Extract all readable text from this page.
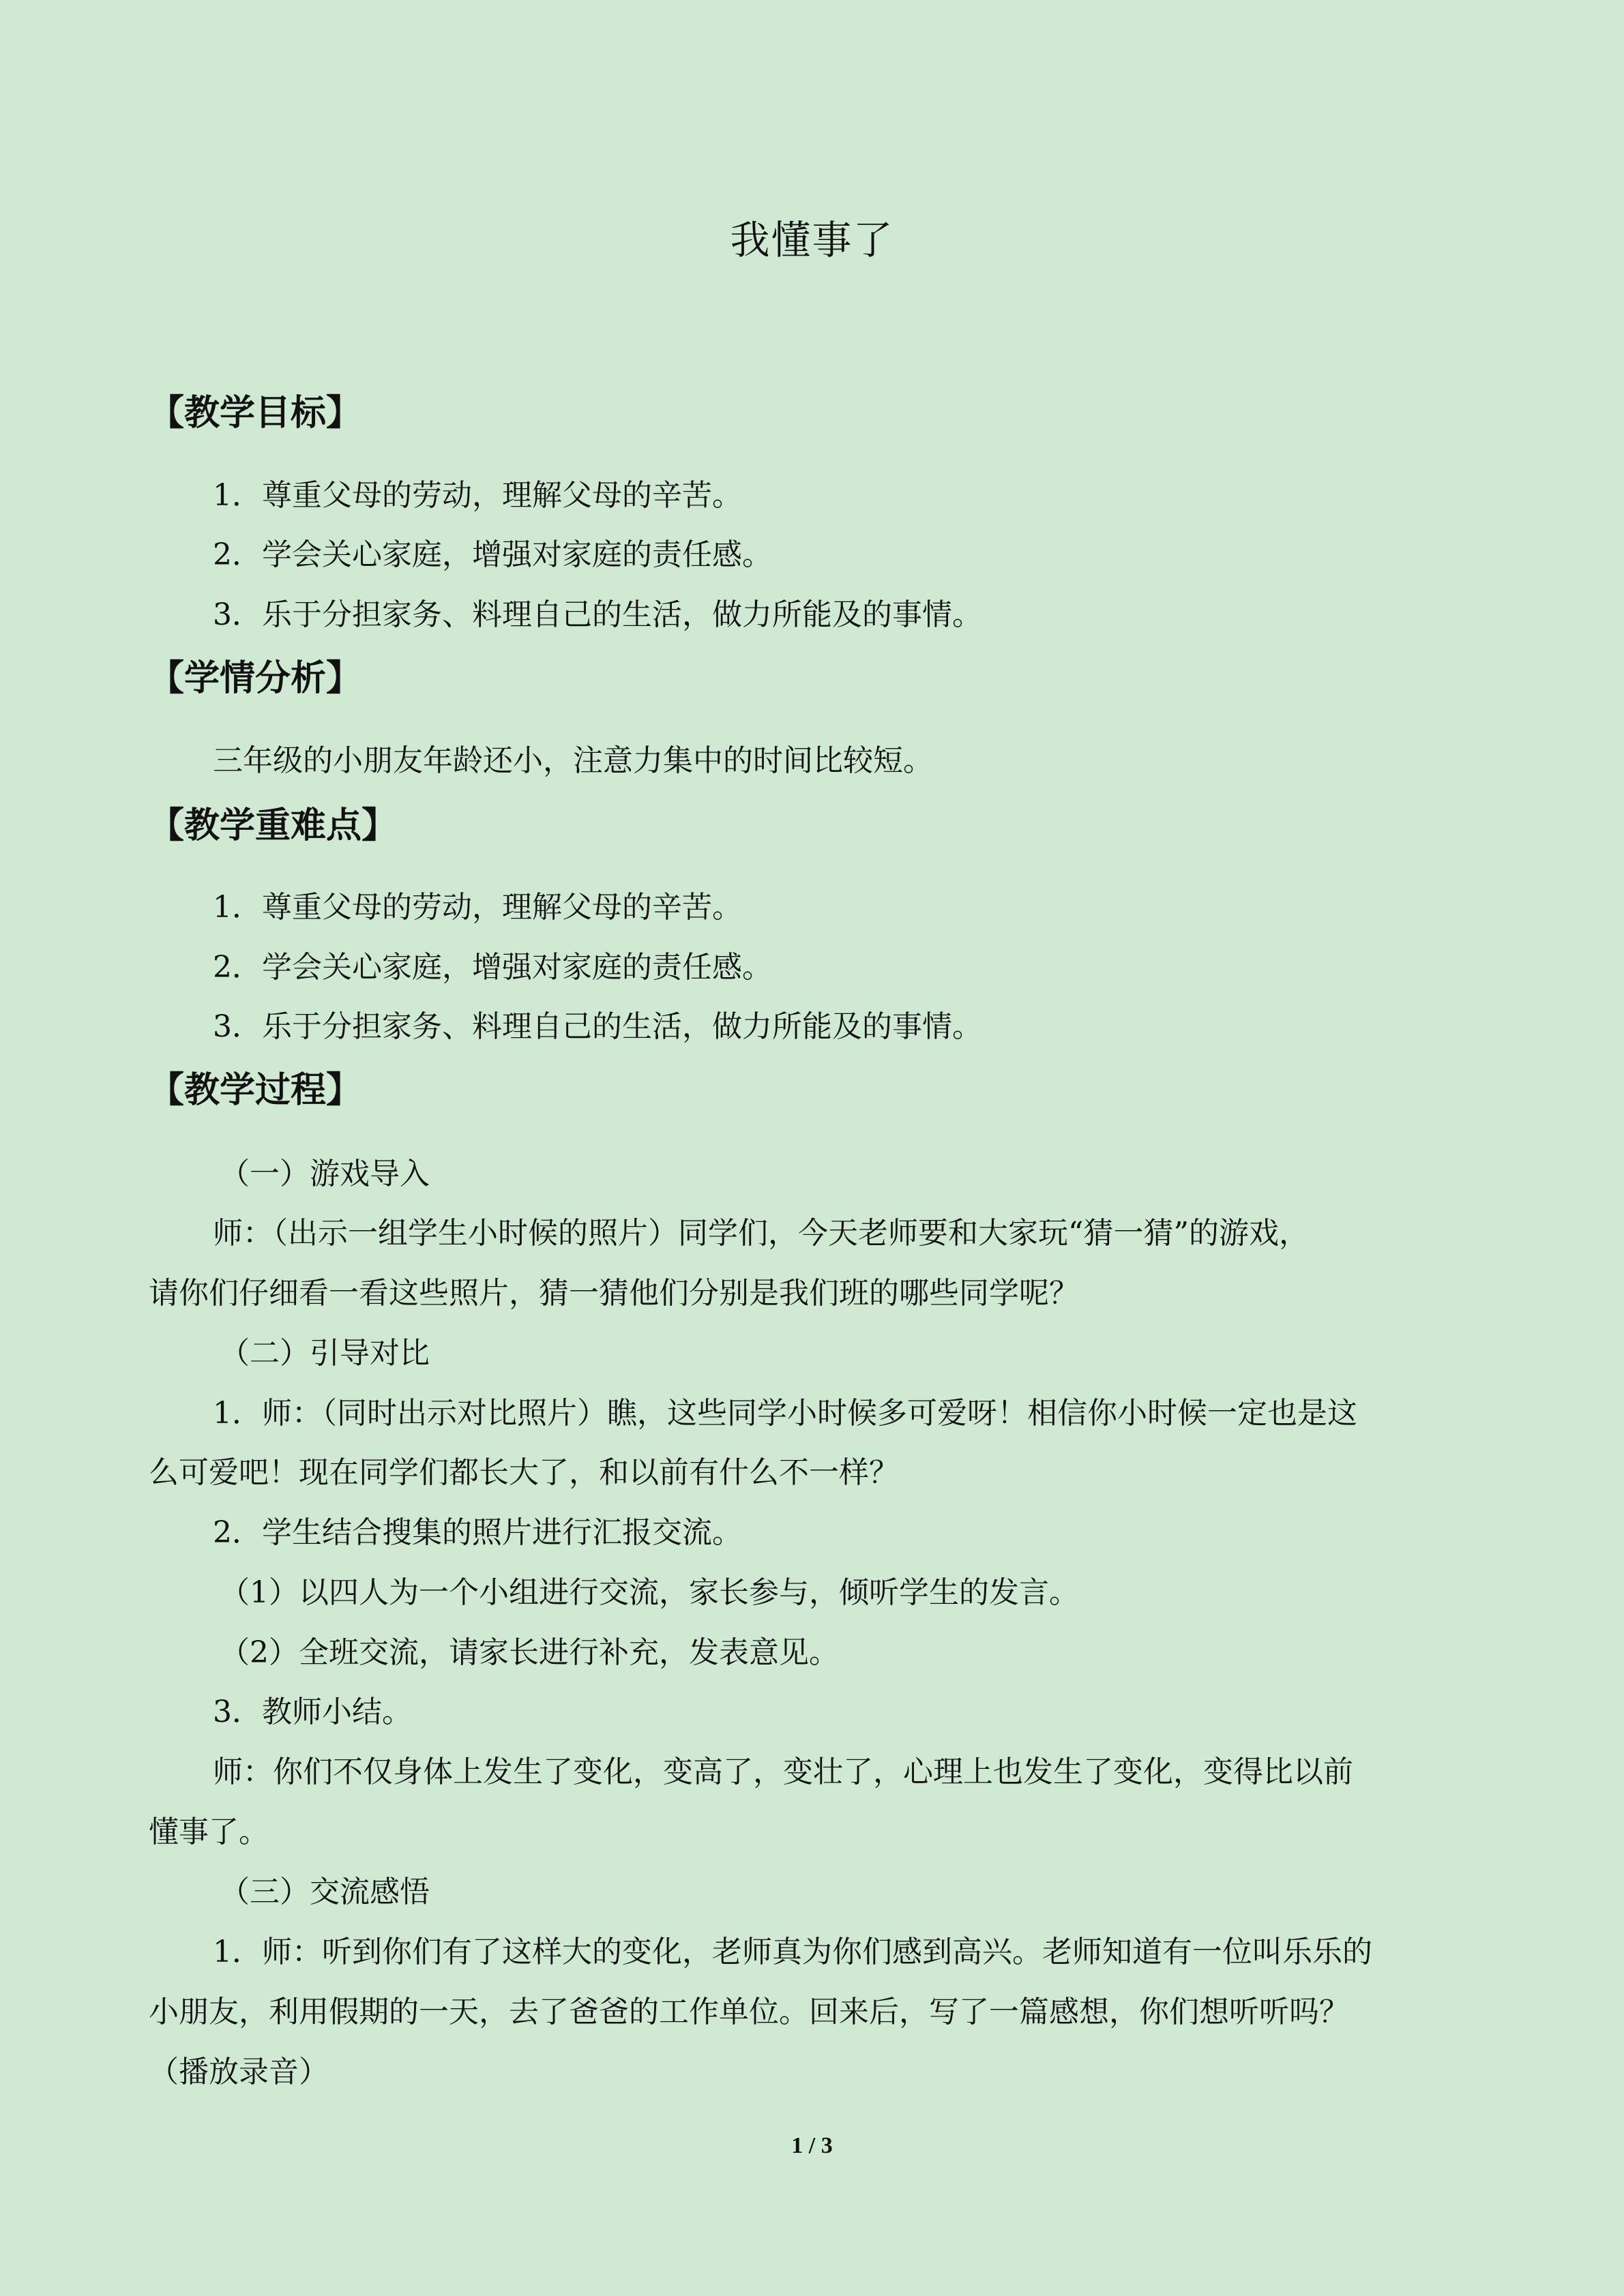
我懂事了
【教学目标】
1．尊重父母的劳动，理解父母的辛苦。
2．学会关心家庭，增强对家庭的责任感。
3．乐于分担家务、料理自己的生活，做力所能及的事情。
【学情分析】
三年级的小朋友年龄还小，注意力集中的时间比较短。
【教学重难点】
1．尊重父母的劳动，理解父母的辛苦。
2．学会关心家庭，增强对家庭的责任感。
3．乐于分担家务、料理自己的生活，做力所能及的事情。
【教学过程】
（一）游戏导入
师：（出示一组学生小时候的照片）同学们，今天老师要和大家玩“猜一猜”的游戏，
请你们仔细看一看这些照片，猜一猜他们分别是我们班的哪些同学呢？
（二）引导对比
1．师：（同时出示对比照片）瞧，这些同学小时候多可爱呀！相信你小时候一定也是这
么可爱吧！现在同学们都长大了，和以前有什么不一样？
2．学生结合搜集的照片进行汇报交流。
（1）以四人为一个小组进行交流，家长参与，倾听学生的发言。
（2）全班交流，请家长进行补充，发表意见。
3．教师小结。
师：你们不仅身体上发生了变化，变高了，变壮了，心理上也发生了变化，变得比以前
懂事了。
（三）交流感悟
1．师：听到你们有了这样大的变化，老师真为你们感到高兴。老师知道有一位叫乐乐的
小朋友，利用假期的一天，去了爸爸的工作单位。回来后，写了一篇感想，你们想听听吗？
（播放录音）
1 / 3
